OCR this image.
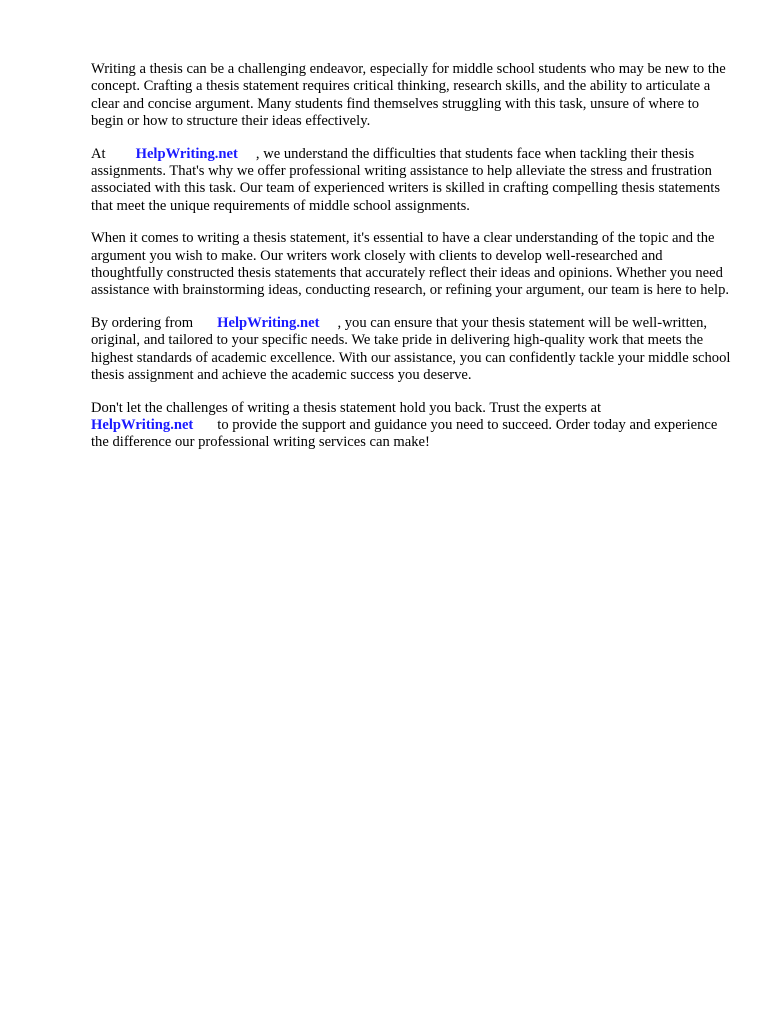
Writing a thesis can be a challenging endeavor, especially for middle school students who may be new to the concept. Crafting a thesis statement requires critical thinking, research skills, and the ability to articulate a clear and concise argument. Many students find themselves struggling with this task, unsure of where to begin or how to structure their ideas effectively.

At HelpWriting.net , we understand the difficulties that students face when tackling their thesis assignments. That's why we offer professional writing assistance to help alleviate the stress and frustration associated with this task. Our team of experienced writers is skilled in crafting compelling thesis statements that meet the unique requirements of middle school assignments.

When it comes to writing a thesis statement, it's essential to have a clear understanding of the topic and the argument you wish to make. Our writers work closely with clients to develop well-researched and thoughtfully constructed thesis statements that accurately reflect their ideas and opinions. Whether you need assistance with brainstorming ideas, conducting research, or refining your argument, our team is here to help.

By ordering from HelpWriting.net , you can ensure that your thesis statement will be well-written, original, and tailored to your specific needs. We take pride in delivering high-quality work that meets the highest standards of academic excellence. With our assistance, you can confidently tackle your middle school thesis assignment and achieve the academic success you deserve.

Don't let the challenges of writing a thesis statement hold you back. Trust the experts at
HelpWriting.net to provide the support and guidance you need to succeed. Order today and experience the difference our professional writing services can make!
